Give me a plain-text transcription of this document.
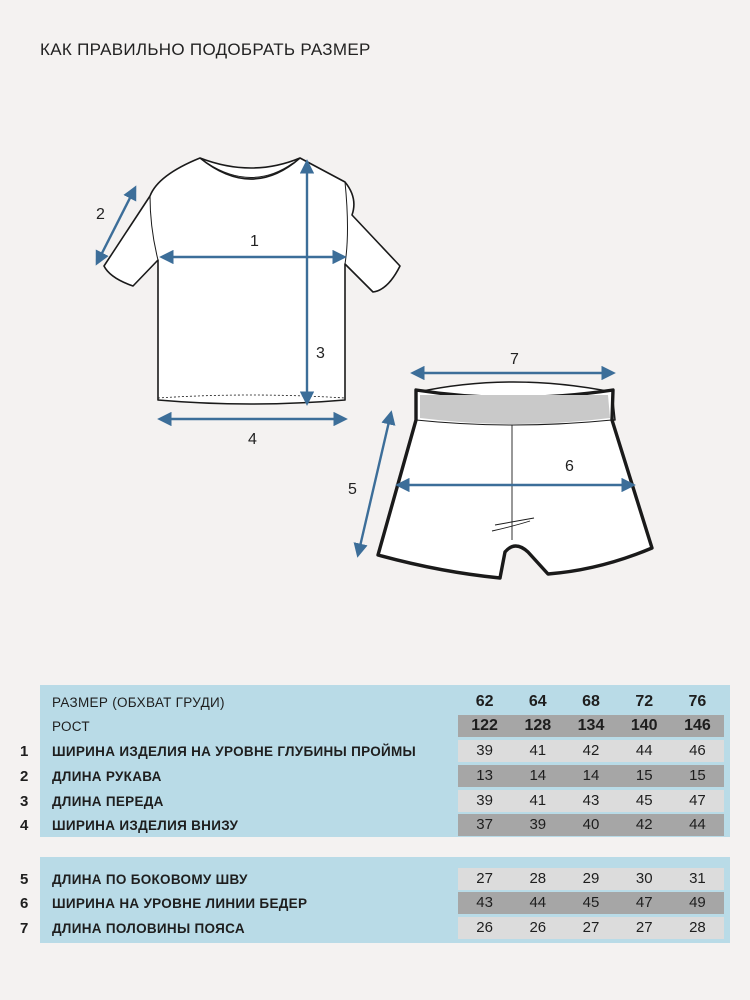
КАК ПРАВИЛЬНО ПОДОБРАТЬ РАЗМЕР
1
2
3
4
7
6
5
РАЗМЕР (ОБХВАТ ГРУДИ)	62	64	68	72	76
РОСТ	122	128	134	140	146
1	ШИРИНА ИЗДЕЛИЯ НА УРОВНЕ ГЛУБИНЫ ПРОЙМЫ	39	41	42	44	46
2	ДЛИНА РУКАВА	13	14	14	15	15
3	ДЛИНА ПЕРЕДА	39	41	43	45	47
4	ШИРИНА ИЗДЕЛИЯ ВНИЗУ	37	39	40	42	44
5	ДЛИНА ПО БОКОВОМУ ШВУ	27	28	29	30	31
6	ШИРИНА НА УРОВНЕ ЛИНИИ БЕДЕР	43	44	45	47	49
7	ДЛИНА ПОЛОВИНЫ ПОЯСА	26	26	27	27	28
